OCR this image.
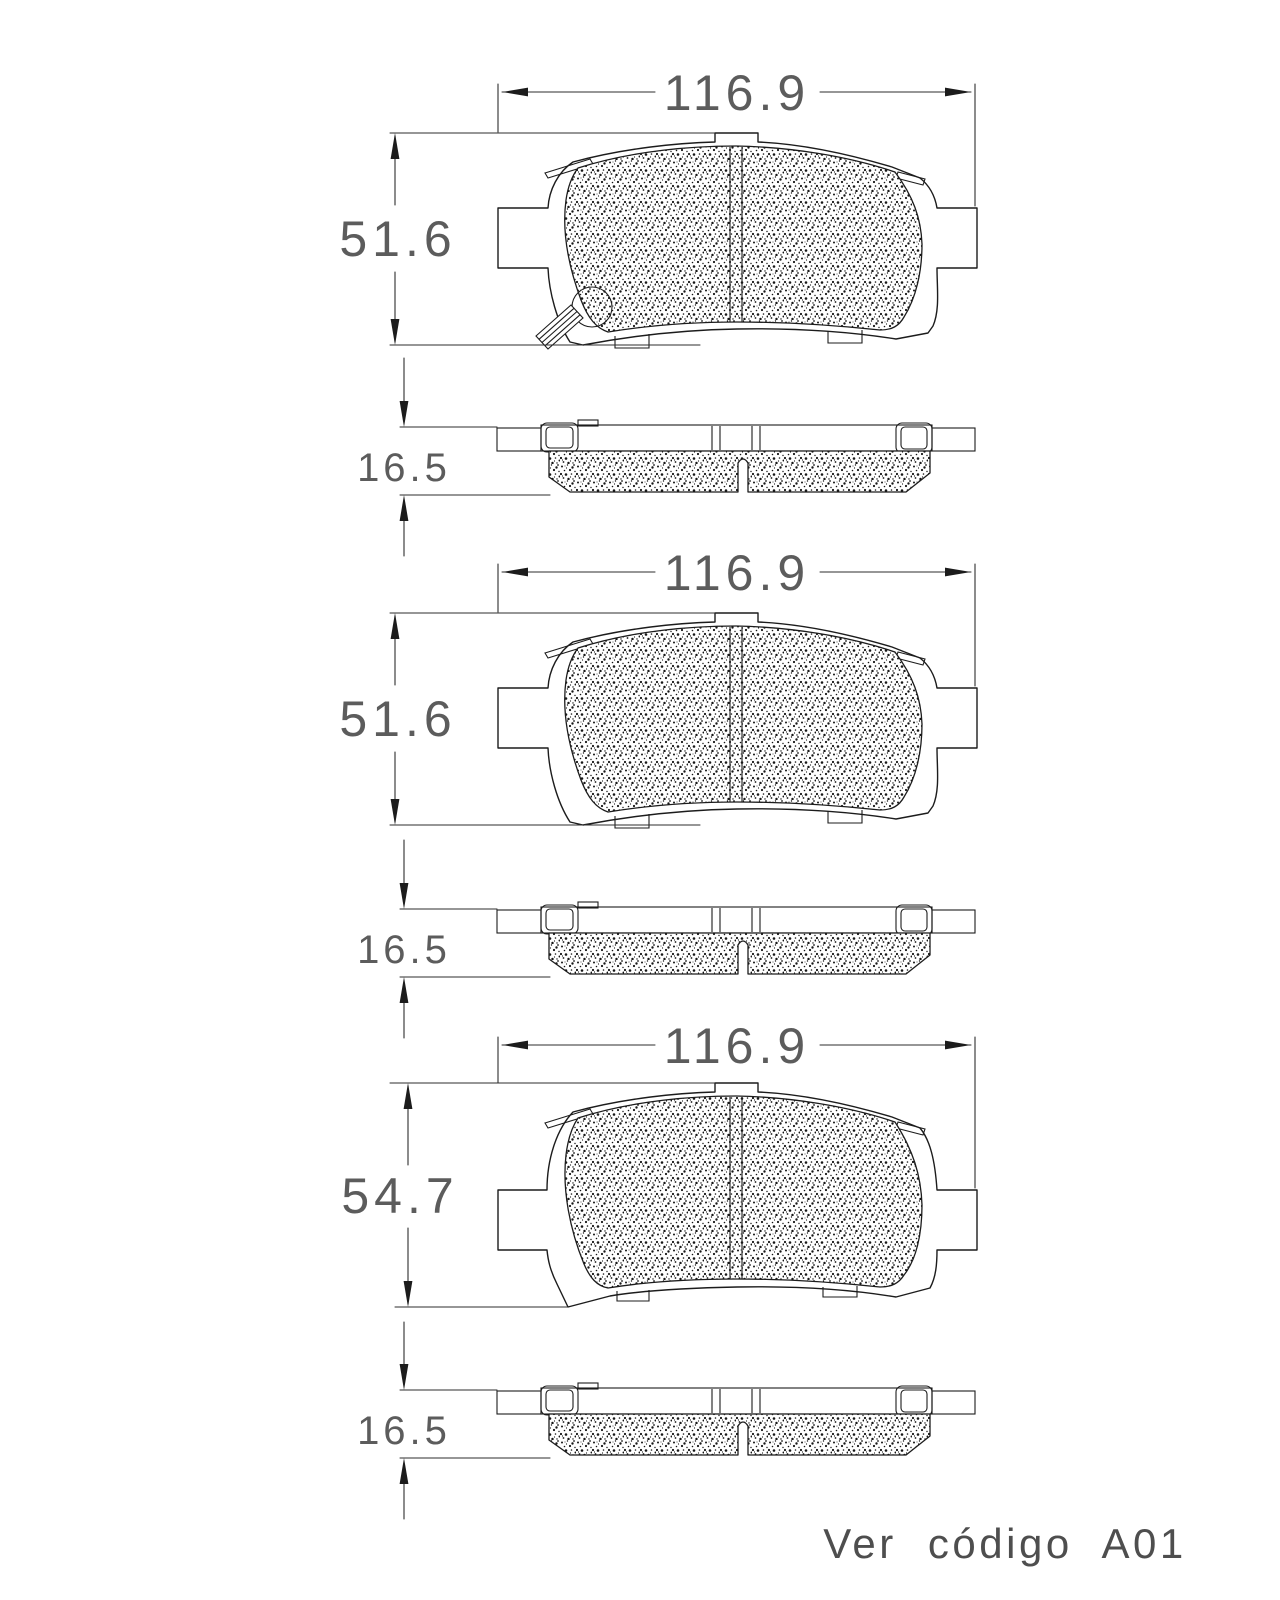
116.9
51.6
16.5
116.9
51.6
16.5
116.9
54.7
16.5
Ver código A01
